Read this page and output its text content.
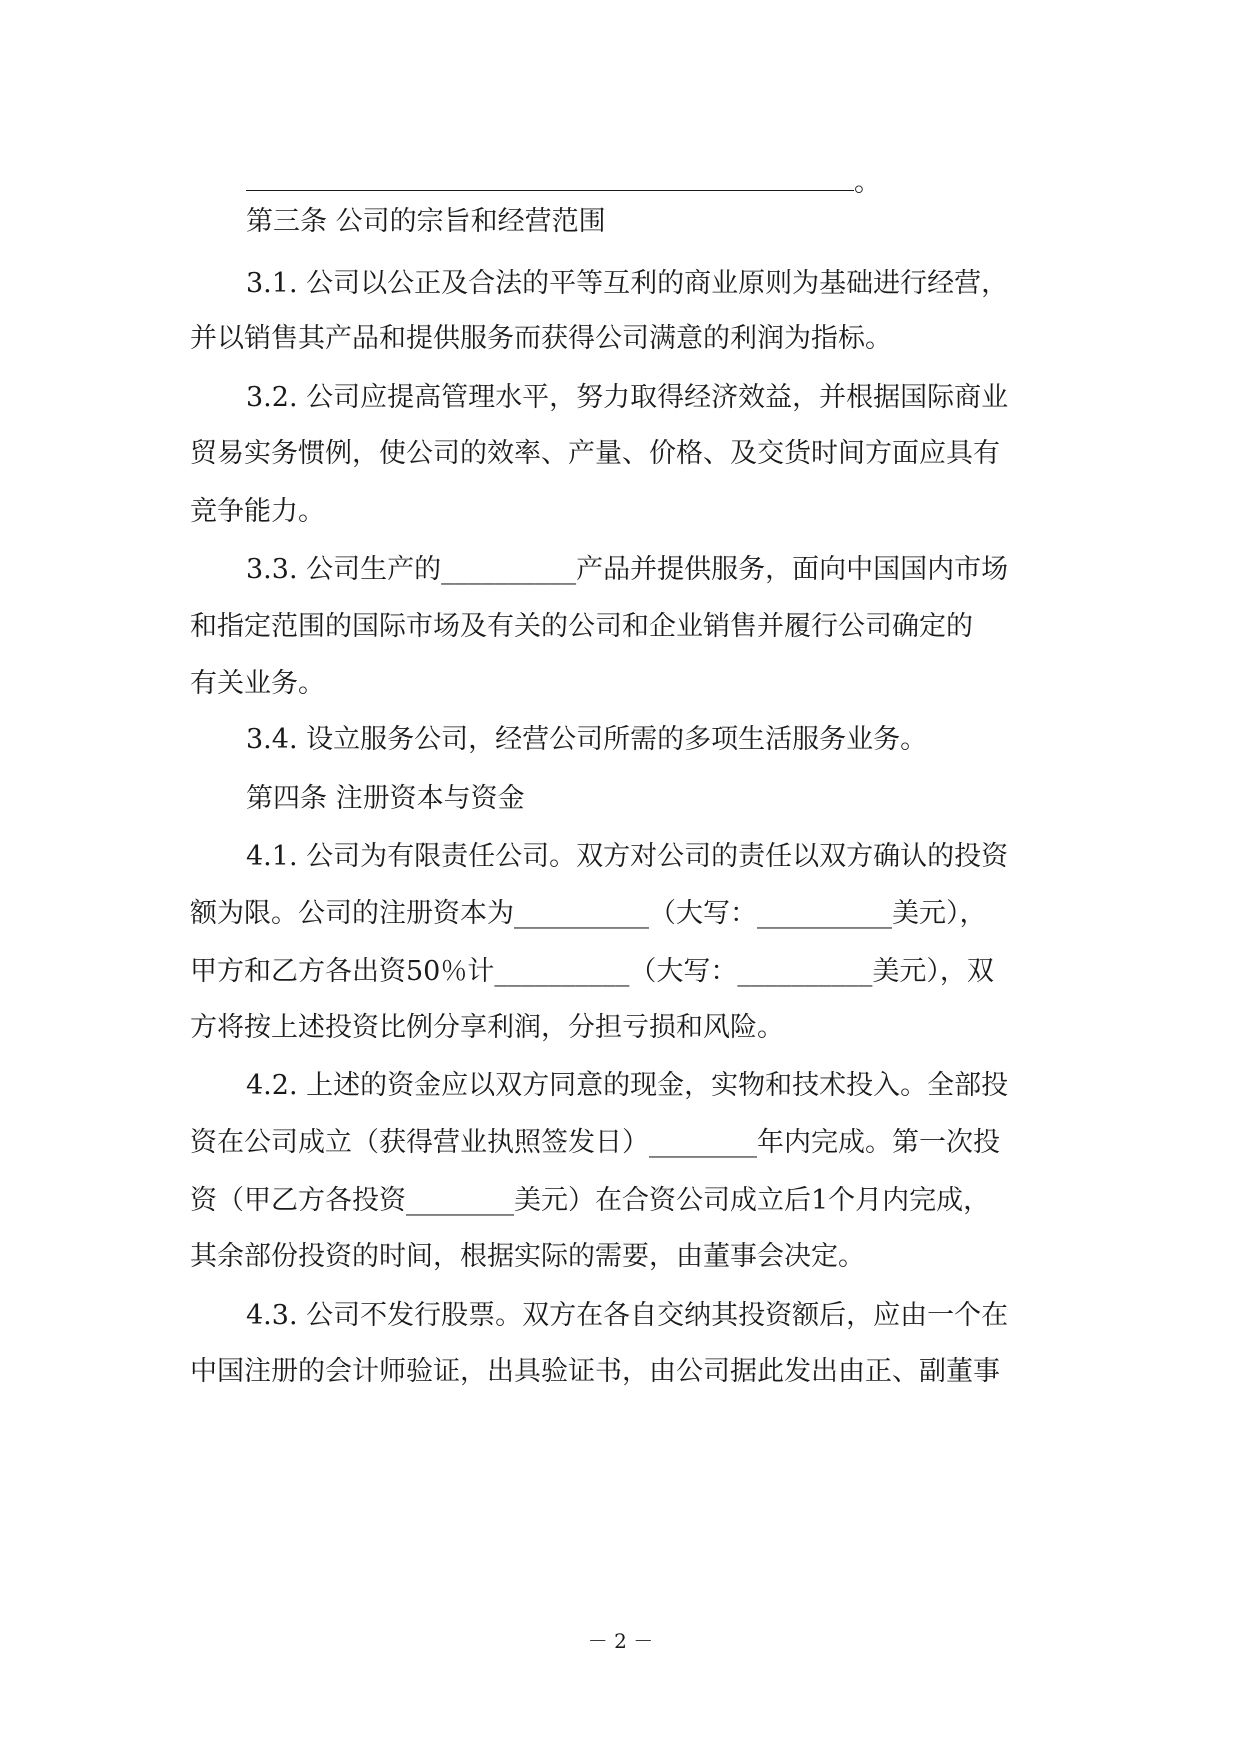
。
第三条 公司的宗旨和经营范围
3.1. 公司以公正及合法的平等互利的商业原则为基础进行经营，
并以销售其产品和提供服务而获得公司满意的利润为指标。
3.2. 公司应提高管理水平，努力取得经济效益，并根据国际商业
贸易实务惯例，使公司的效率、产量、价格、及交货时间方面应具有
竞争能力。
3.3. 公司生产的__________产品并提供服务，面向中国国内市场
和指定范围的国际市场及有关的公司和企业销售并履行公司确定的
有关业务。
3.4. 设立服务公司，经营公司所需的多项生活服务业务。
第四条 注册资本与资金
4.1. 公司为有限责任公司。双方对公司的责任以双方确认的投资
额为限。公司的注册资本为__________（大写：__________美元），
甲方和乙方各出资50％计__________（大写：__________美元），双
方将按上述投资比例分享利润，分担亏损和风险。
4.2. 上述的资金应以双方同意的现金，实物和技术投入。全部投
资在公司成立（获得营业执照签发日）________年内完成。第一次投
资（甲乙方各投资________美元）在合资公司成立后1个月内完成，
其余部份投资的时间，根据实际的需要，由董事会决定。
4.3. 公司不发行股票。双方在各自交纳其投资额后，应由一个在
中国注册的会计师验证，出具验证书，由公司据此发出由正、副董事
－ 2 －
